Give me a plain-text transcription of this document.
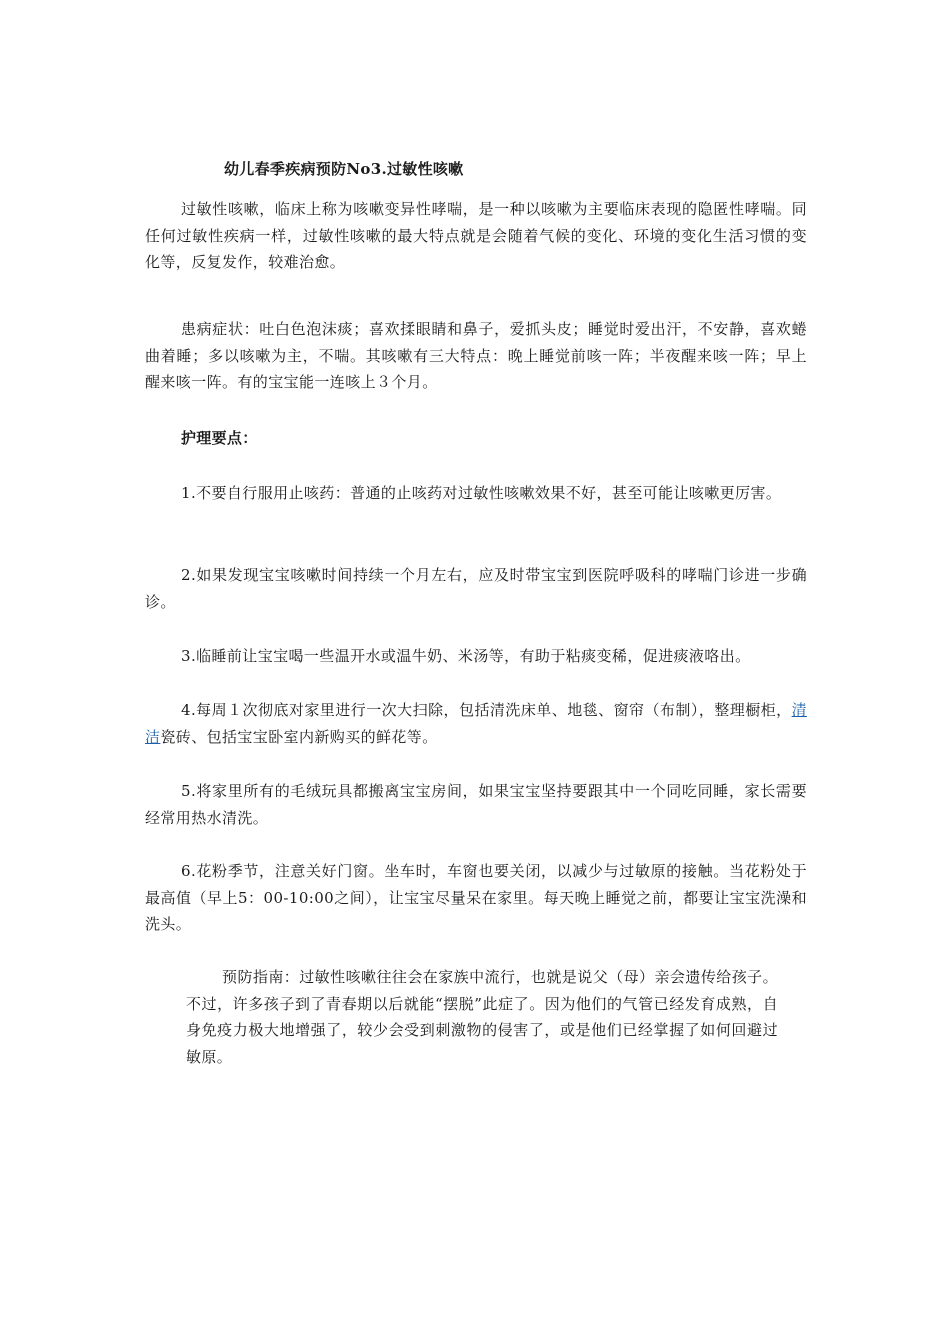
幼儿春季疾病预防No3.过敏性咳嗽

过敏性咳嗽，临床上称为咳嗽变异性哮喘，是一种以咳嗽为主要临床表现的隐匿性哮喘。同任何过敏性疾病一样，过敏性咳嗽的最大特点就是会随着气候的变化、环境的变化生活习惯的变化等，反复发作，较难治愈。

患病症状：吐白色泡沫痰；喜欢揉眼睛和鼻子，爱抓头皮；睡觉时爱出汗，不安静，喜欢蜷曲着睡；多以咳嗽为主，不喘。其咳嗽有三大特点：晚上睡觉前咳一阵；半夜醒来咳一阵；早上醒来咳一阵。有的宝宝能一连咳上３个月。

护理要点：

1.不要自行服用止咳药：普通的止咳药对过敏性咳嗽效果不好，甚至可能让咳嗽更厉害。

2.如果发现宝宝咳嗽时间持续一个月左右，应及时带宝宝到医院呼吸科的哮喘门诊进一步确诊。

3.临睡前让宝宝喝一些温开水或温牛奶、米汤等，有助于粘痰变稀，促进痰液咯出。

4.每周１次彻底对家里进行一次大扫除，包括清洗床单、地毯、窗帘（布制），整理橱柜，清洁瓷砖、包括宝宝卧室内新购买的鲜花等。

5.将家里所有的毛绒玩具都搬离宝宝房间，如果宝宝坚持要跟其中一个同吃同睡，家长需要经常用热水清洗。

6.花粉季节，注意关好门窗。坐车时，车窗也要关闭，以减少与过敏原的接触。当花粉处于最高值（早上5：00-10:00之间），让宝宝尽量呆在家里。每天晚上睡觉之前，都要让宝宝洗澡和洗头。

预防指南：过敏性咳嗽往往会在家族中流行，也就是说父（母）亲会遗传给孩子。不过，许多孩子到了青春期以后就能“摆脱”此症了。因为他们的气管已经发育成熟，自身免疫力极大地增强了，较少会受到刺激物的侵害了，或是他们已经掌握了如何回避过敏原。
